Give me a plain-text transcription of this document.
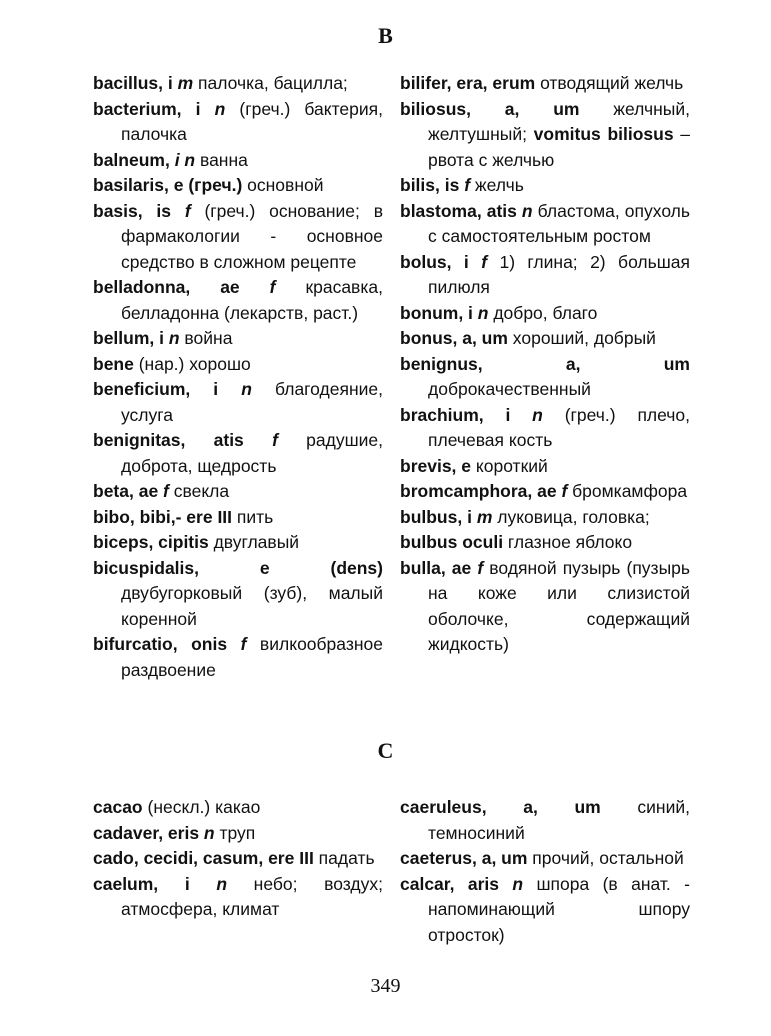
B
bacillus, i m палочка, бацилла;
bacterium, i n (греч.) бактерия, палочка
balneum, i n ванна
basilaris, e (греч.) основной
basis, is f (греч.) основание; в фармакологии - основное средство в сложном рецепте
belladonna, ae f красавка, белладонна (лекарств, раст.)
bellum, i n война
bene (нар.) хорошо
beneficium, i n благодеяние, услуга
benignitas, atis f радушие, доброта, щедрость
beta, ae f свекла
bibo, bibi,- ere III пить
biceps, cipitis двуглавый
bicuspidalis, e (dens) двубугорковый (зуб), малый коренной
bifurcatio, onis f вилкообразное раздвоение
bilifer, era, erum отводящий желчь
biliosus, a, um желчный, желтушный; vomitus biliosus – рвота с желчью
bilis, is f желчь
blastoma, atis n бластома, опухоль с самостоятельным ростом
bolus, i f 1) глина; 2) большая пилюля
bonum, i n добро, благо
bonus, a, um хороший, добрый
benignus, a, um доброкачественный
brachium, i n (греч.) плечо, плечевая кость
brevis, e короткий
bromcamphora, ae f бромкамфора
bulbus, i m луковица, головка;
bulbus oculi глазное яблоко
bulla, ae f водяной пузырь (пузырь на коже или слизистой оболочке, содержащий жидкость)
C
cacao (нескл.) какао
cadaver, eris n труп
cado, cecidi, casum, ere III падать
caelum, i n небо; воздух; атмосфера, климат
caeruleus, a, um синий, темносиний
caeterus, a, um прочий, остальной
calcar, aris n шпора (в анат. - напоминающий шпору отросток)
349
